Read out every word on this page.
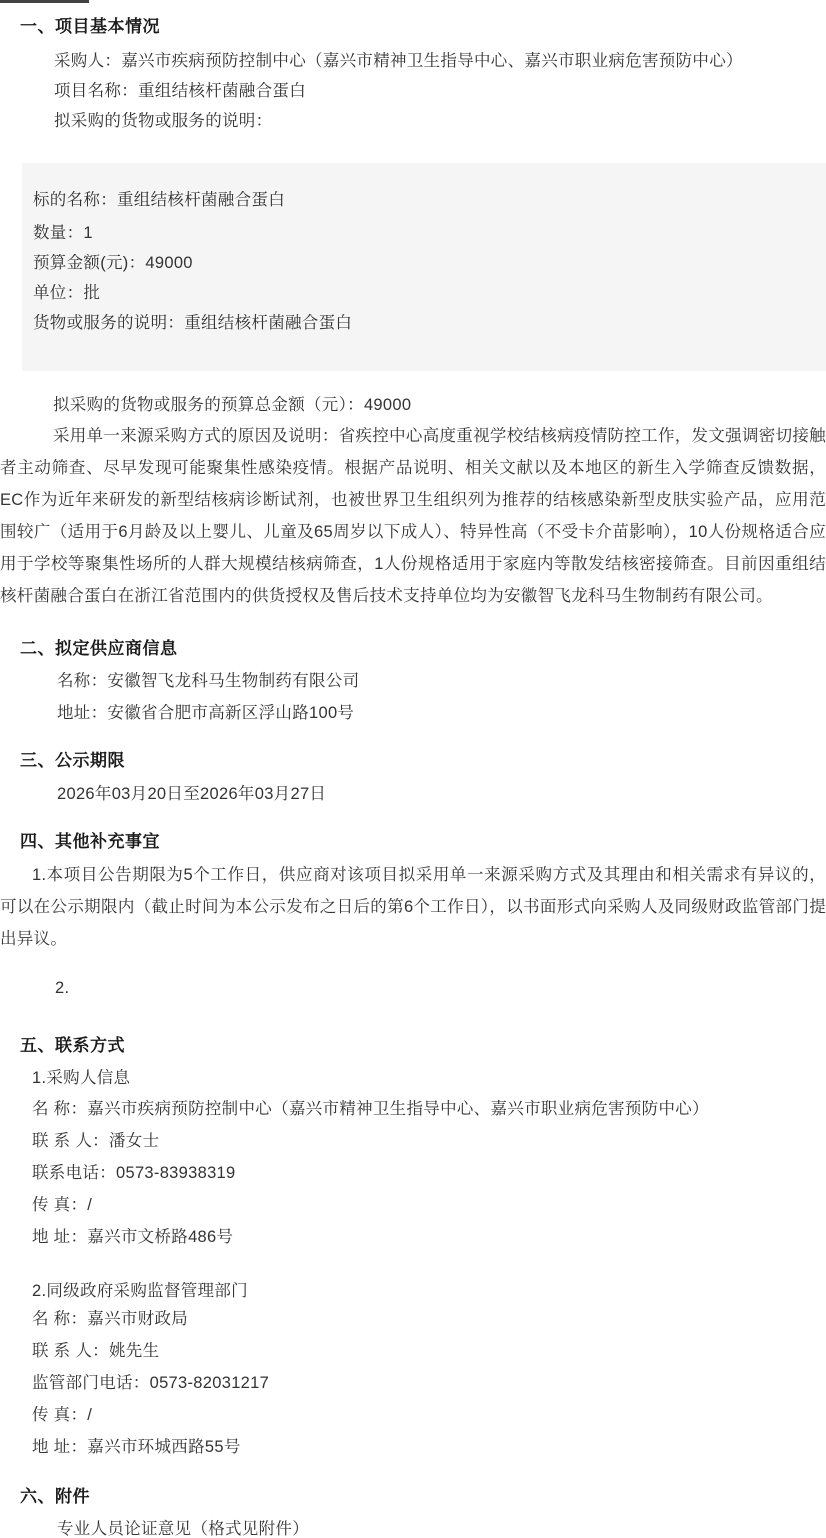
一、项目基本情况
采购人：嘉兴市疾病预防控制中心（嘉兴市精神卫生指导中心、嘉兴市职业病危害预防中心）
项目名称：重组结核杆菌融合蛋白
拟采购的货物或服务的说明：
标的名称：重组结核杆菌融合蛋白
数量：1
预算金额(元)：49000
单位：批
货物或服务的说明：重组结核杆菌融合蛋白
拟采购的货物或服务的预算总金额（元）：49000
采用单一来源采购方式的原因及说明：省疾控中心高度重视学校结核病疫情防控工作，发文强调密切接触者主动筛查、尽早发现可能聚集性感染疫情。根据产品说明、相关文献以及本地区的新生入学筛查反馈数据，EC作为近年来研发的新型结核病诊断试剂，也被世界卫生组织列为推荐的结核感染新型皮肤实验产品，应用范围较广（适用于6月龄及以上婴儿、儿童及65周岁以下成人）、特异性高（不受卡介苗影响），10人份规格适合应用于学校等聚集性场所的人群大规模结核病筛查，1人份规格适用于家庭内等散发结核密接筛查。目前因重组结核杆菌融合蛋白在浙江省范围内的供货授权及售后技术支持单位均为安徽智飞龙科马生物制药有限公司。
二、拟定供应商信息
名称：安徽智飞龙科马生物制药有限公司
地址：安徽省合肥市高新区浮山路100号
三、公示期限
2026年03月20日至2026年03月27日
四、其他补充事宜
1.本项目公告期限为5个工作日，供应商对该项目拟采用单一来源采购方式及其理由和相关需求有异议的，可以在公示期限内（截止时间为本公示发布之日后的第6个工作日），以书面形式向采购人及同级财政监管部门提出异议。
2.
五、联系方式
1.采购人信息
名 称：嘉兴市疾病预防控制中心（嘉兴市精神卫生指导中心、嘉兴市职业病危害预防中心）
联 系 人：潘女士
联系电话：0573-83938319
传 真：/
地 址：嘉兴市文桥路486号
2.同级政府采购监督管理部门
名 称：嘉兴市财政局
联 系 人：姚先生
监管部门电话：0573-82031217
传 真：/
地 址：嘉兴市环城西路55号
六、附件
专业人员论证意见（格式见附件）
